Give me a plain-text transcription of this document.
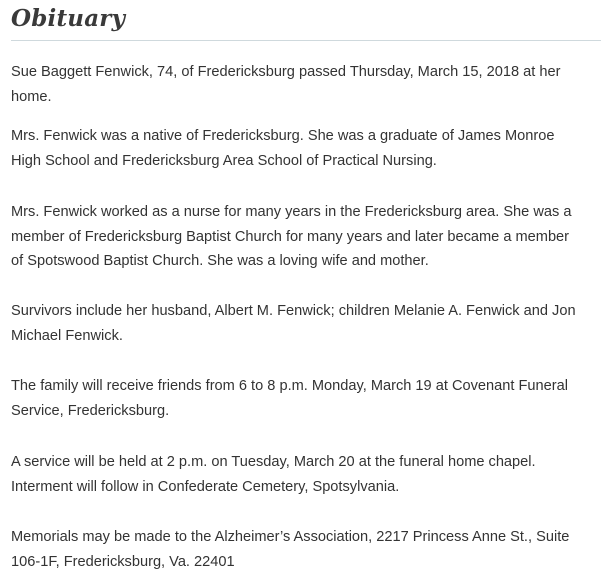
Obituary

Sue Baggett Fenwick, 74, of Fredericksburg passed Thursday, March 15, 2018 at her
home.

Mrs. Fenwick was a native of Fredericksburg. She was a graduate of James Monroe
High School and Fredericksburg Area School of Practical Nursing.

Mrs. Fenwick worked as a nurse for many years in the Fredericksburg area. She was a
member of Fredericksburg Baptist Church for many years and later became a member
of Spotswood Baptist Church. She was a loving wife and mother.

Survivors include her husband, Albert M. Fenwick; children Melanie A. Fenwick and Jon
Michael Fenwick.

The family will receive friends from 6 to 8 p.m. Monday, March 19 at Covenant Funeral
Service, Fredericksburg.

A service will be held at 2 p.m. on Tuesday, March 20 at the funeral home chapel.
Interment will follow in Confederate Cemetery, Spotsylvania.

Memorials may be made to the Alzheimer’s Association, 2217 Princess Anne St., Suite
106-1F, Fredericksburg, Va. 22401
